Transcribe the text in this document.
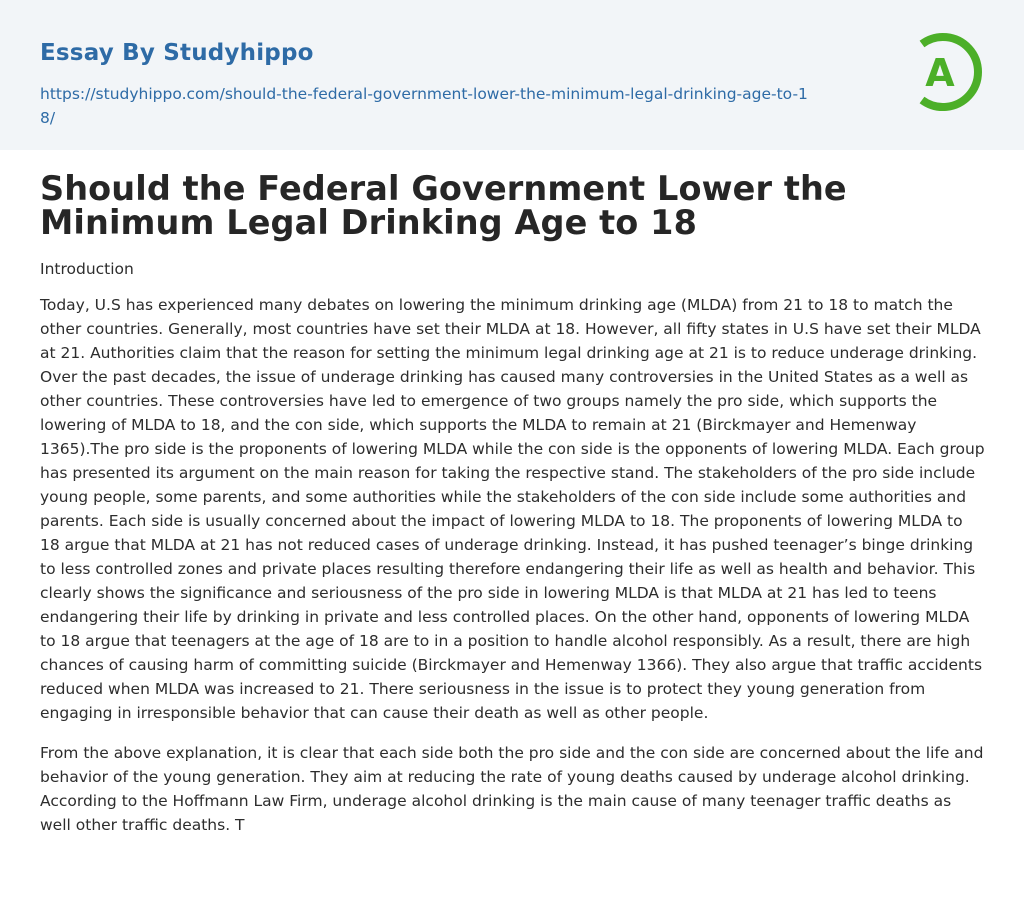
Essay By Studyhippo
https://studyhippo.com/should-the-federal-government-lower-the-minimum-legal-drinking-age-to-18/
A
Should the Federal Government Lower the Minimum Legal Drinking Age to 18
Introduction

Today, U.S has experienced many debates on lowering the minimum drinking age (MLDA) from 21 to 18 to match the other countries. Generally, most countries have set their MLDA at 18. However, all fifty states in U.S have set their MLDA at 21. Authorities claim that the reason for setting the minimum legal drinking age at 21 is to reduce underage drinking. Over the past decades, the issue of underage drinking has caused many controversies in the United States as a well as other countries. These controversies have led to emergence of two groups namely the pro side, which supports the lowering of MLDA to 18, and the con side, which supports the MLDA to remain at 21 (Birckmayer and Hemenway 1365).The pro side is the proponents of lowering MLDA while the con side is the opponents of lowering MLDA. Each group has presented its argument on the main reason for taking the respective stand. The stakeholders of the pro side include young people, some parents, and some authorities while the stakeholders of the con side include some authorities and parents. Each side is usually concerned about the impact of lowering MLDA to 18. The proponents of lowering MLDA to 18 argue that MLDA at 21 has not reduced cases of underage drinking. Instead, it has pushed teenager’s binge drinking to less controlled zones and private places resulting therefore endangering their life as well as health and behavior. This clearly shows the significance and seriousness of the pro side in lowering MLDA is that MLDA at 21 has led to teens endangering their life by drinking in private and less controlled places. On the other hand, opponents of lowering MLDA to 18 argue that teenagers at the age of 18 are to in a position to handle alcohol responsibly. As a result, there are high chances of causing harm of committing suicide (Birckmayer and Hemenway 1366). They also argue that traffic accidents reduced when MLDA was increased to 21. There seriousness in the issue is to protect they young generation from engaging in irresponsible behavior that can cause their death as well as other people.

From the above explanation, it is clear that each side both the pro side and the con side are concerned about the life and behavior of the young generation. They aim at reducing the rate of young deaths caused by underage alcohol drinking. According to the Hoffmann Law Firm, underage alcohol drinking is the main cause of many teenager traffic deaths as well other traffic deaths. T
